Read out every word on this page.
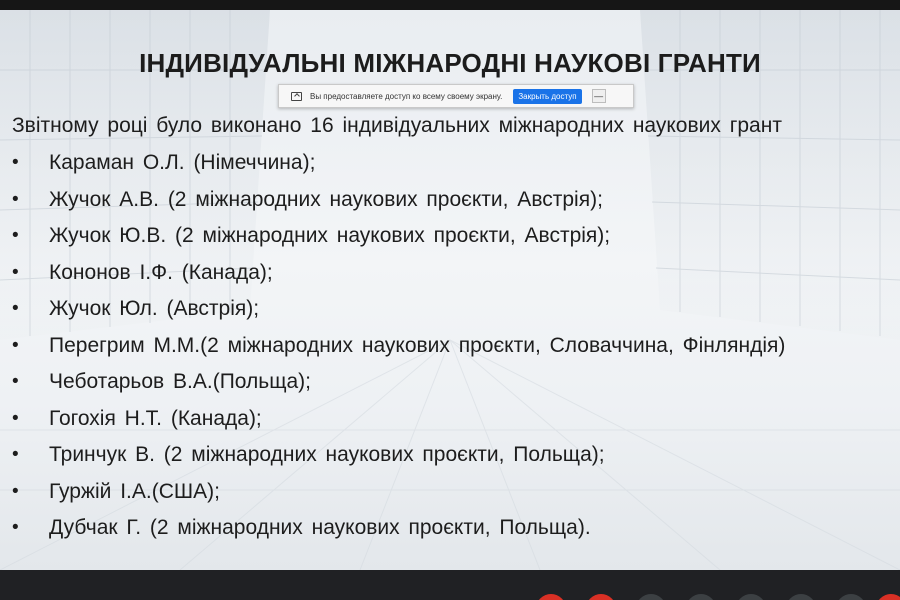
ІНДИВІДУАЛЬНІ МІЖНАРОДНІ НАУКОВІ ГРАНТИ
Звітному році було виконано 16 індивідуальних міжнародних наукових грант
•	Караман О.Л. (Німеччина);
•	Жучок А.В. (2 міжнародних наукових проєкти, Австрія);
•	Жучок Ю.В. (2 міжнародних наукових проєкти, Австрія);
•	Кононов І.Ф. (Канада);
•	Жучок Юл. (Австрія);
•	Перегрим М.М.(2 міжнародних наукових проєкти, Словаччина, Фінляндія)
•	Чеботарьов В.А.(Польща);
•	Гогохія Н.Т. (Канада);
•	Тринчук В. (2 міжнародних наукових проєкти, Польща);
•	Гуржій І.А.(США);
•	Дубчак Г. (2 міжнародних наукових проєкти, Польща).
Вы предоставляете доступ ко всему своему экрану.	Закрыть доступ	—
